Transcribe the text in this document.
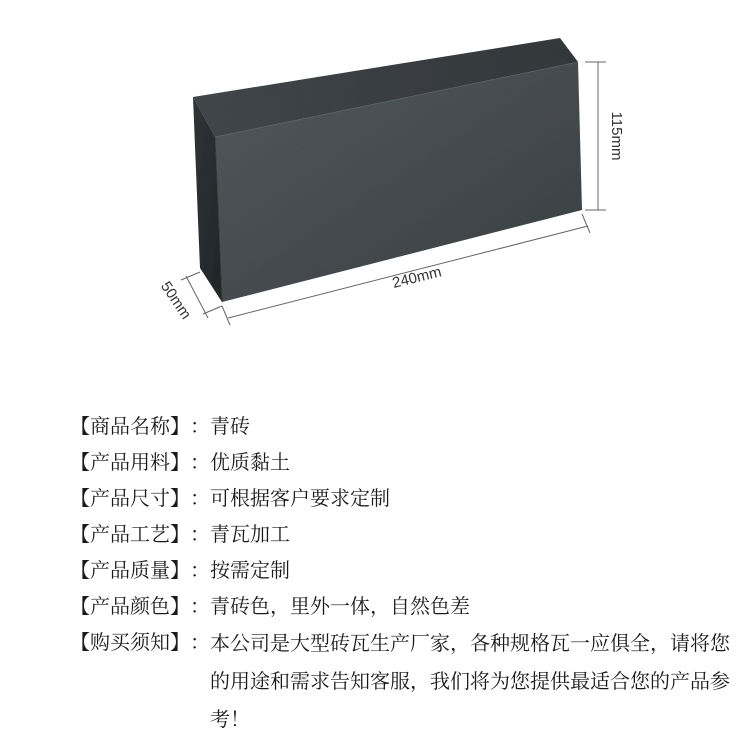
115mm
240mm
50mm
【商品名称】 ： 青砖
【产品用料】 ： 优质黏土
【产品尺寸】 ： 可根据客户要求定制
【产品工艺】 ： 青瓦加工
【产品质量】 ： 按需定制
【产品颜色】 ： 青砖色，里外一体，自然色差
【购买须知】 ： 本公司是大型砖瓦生产厂家，各种规格瓦一应俱全，请将您的用途和需求告知客服，我们将为您提供最适合您的产品参考！
